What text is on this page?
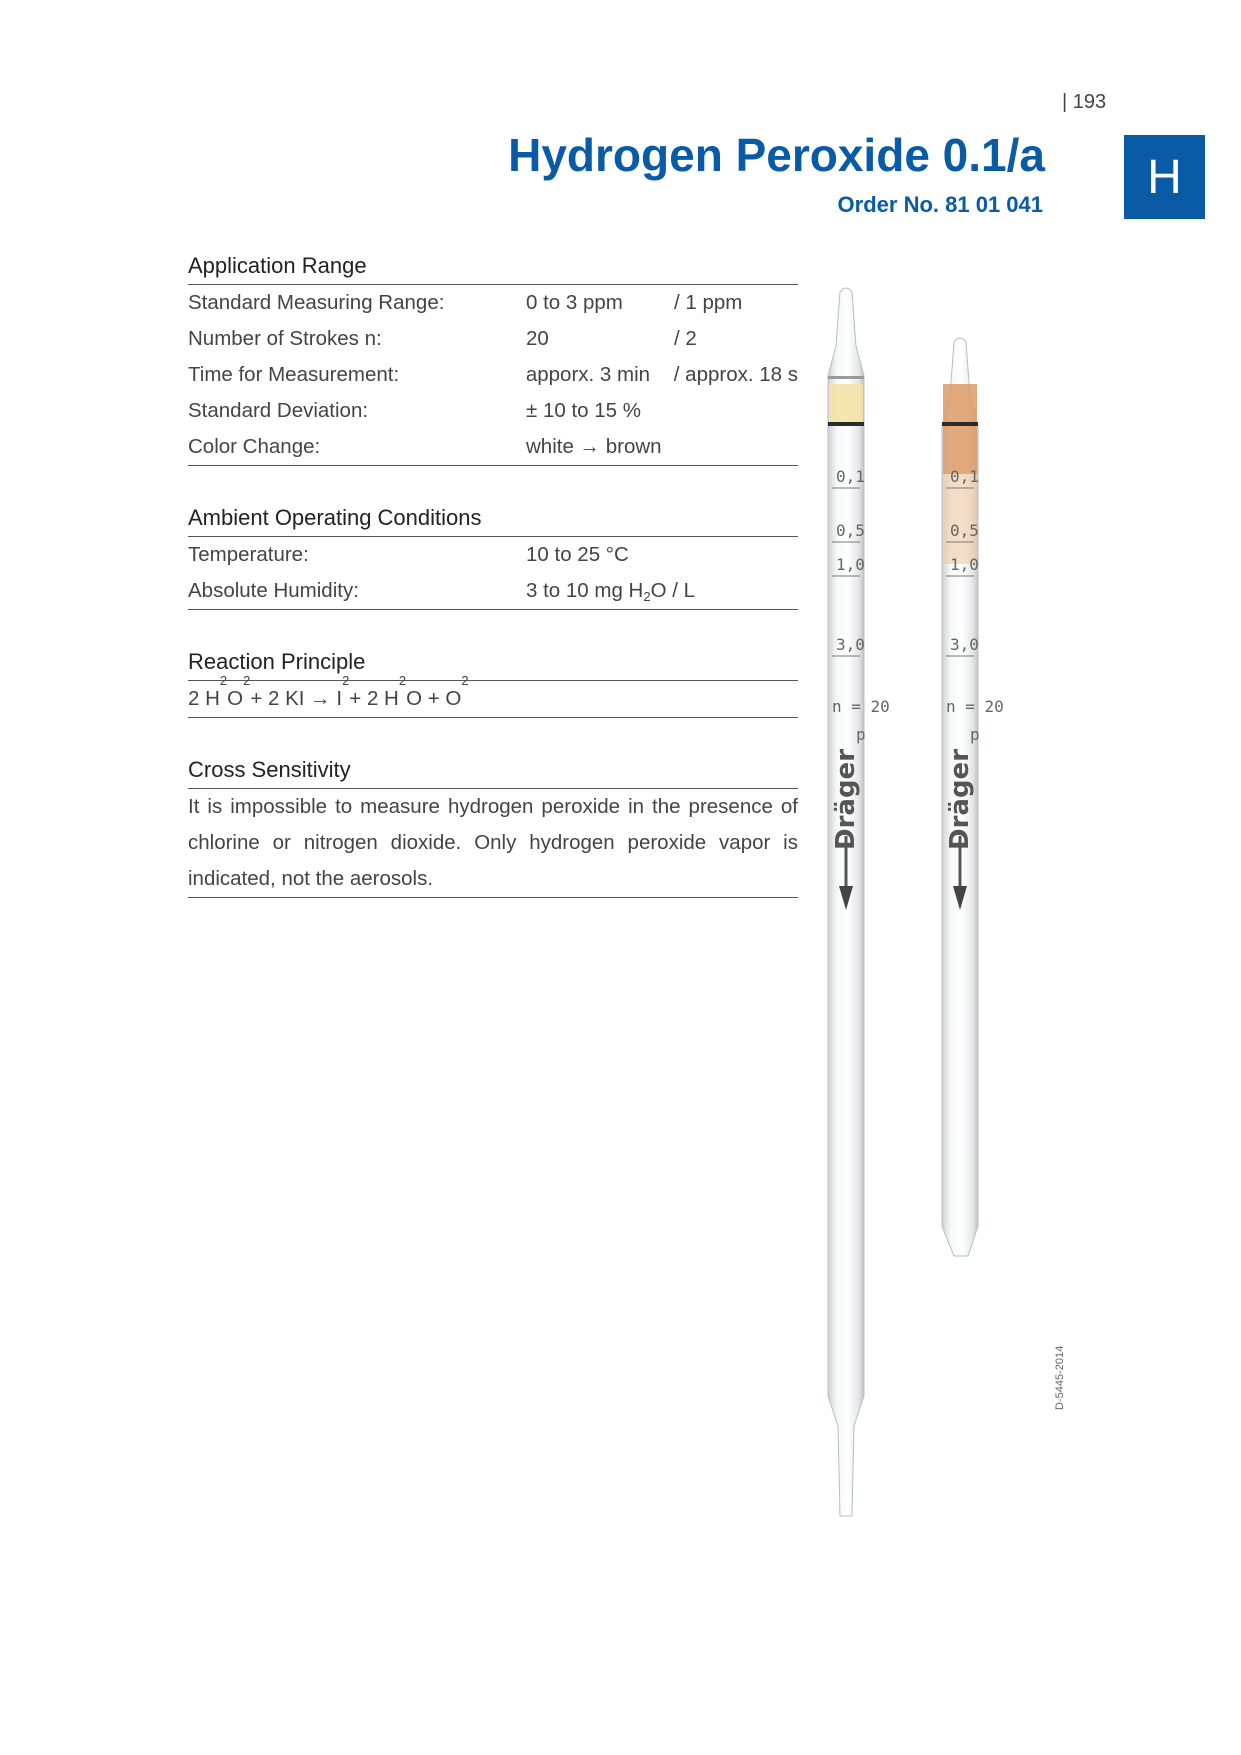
| 193
H
Hydrogen Peroxide 0.1/a
Order No. 81 01 041
Application Range
Standard Measuring Range:	0 to 3 ppm	/ 1 ppm
Number of Strokes n:	20	/ 2
Time for Measurement:	apporx. 3 min	/ approx. 18 s
Standard Deviation:	± 10 to 15 %
Color Change:	white → brown
Ambient Operating Conditions
Temperature:	10 to 25 °C
Absolute Humidity:	3 to 10 mg $H_2O$ / L
Reaction Principle
2 H
2
O
2
+ 2 KI → I
2
+ 2 H
2
O + O
2
Cross Sensitivity
It is impossible to measure hydrogen peroxide in the presence of chlorine or nitrogen dioxide. Only hydrogen peroxide vapor is indicated, not the aerosols.
0,1
0,5
1,0
3,0
n = 20
p
Dräger
0,1
0,5
1,0
3,0
n = 20
p
Dräger
D-5445-2014
